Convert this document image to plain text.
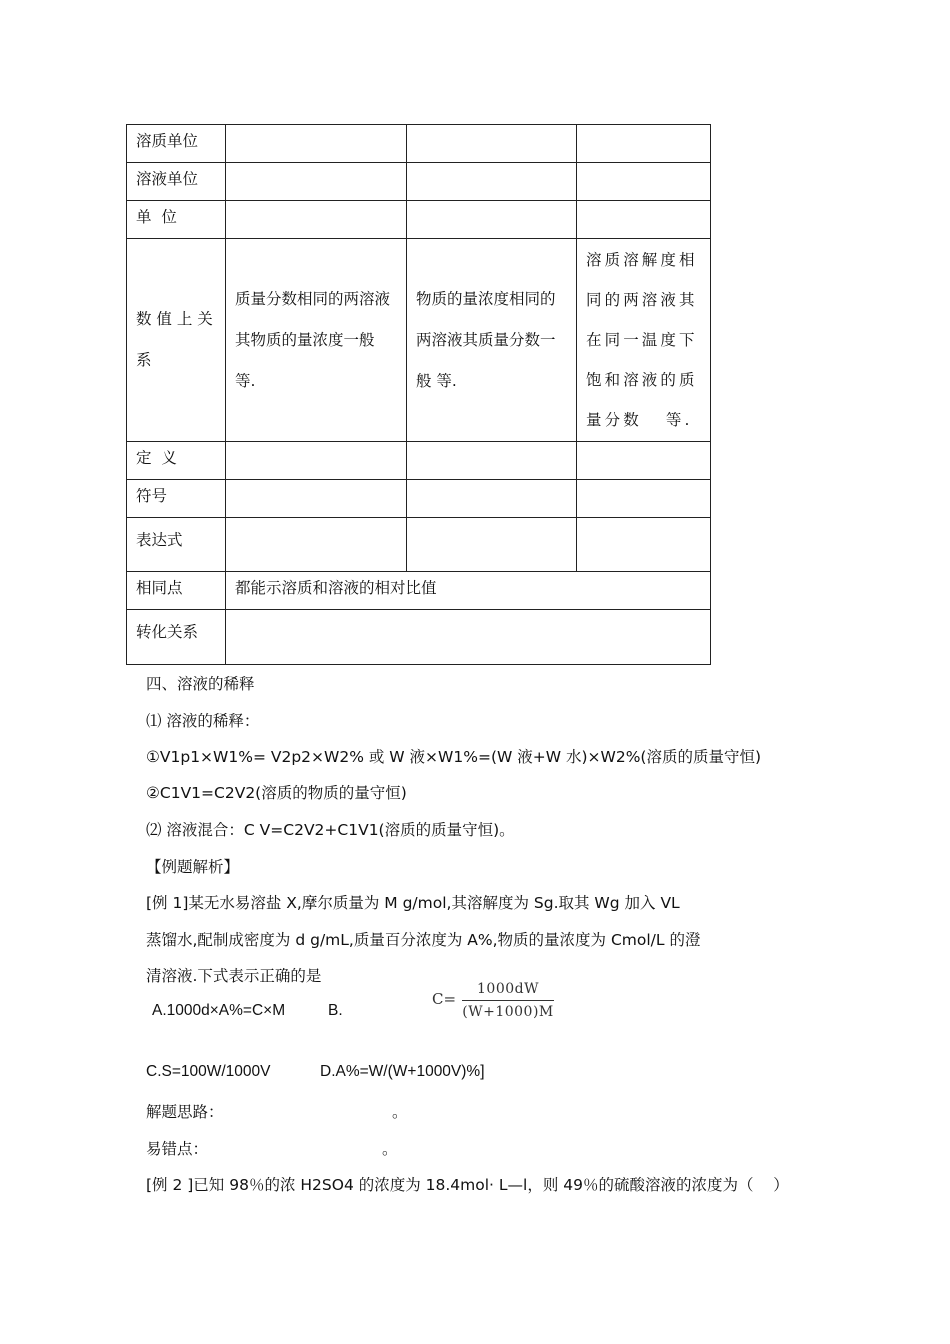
溶质单位			
溶液单位			
单  位			

数 值 上 关 系	质量分数相同的两溶液其物质的量浓度一般 等.	物质的量浓度相同的两溶液其质量分数一般 等.	溶质溶解度相同的两溶液其在同一温度下饱和溶液的质量分数   等.

定  义			
符号			
表达式			
相同点	都能示溶质和溶液的相对比值		
转化关系			
四、溶液的稀释
⑴ 溶液的稀释：
①V1p1×W1%= V2p2×W2% 或 W 液×W1%=(W 液+W 水)×W2%(溶质的质量守恒)
②C1V1=C2V2(溶质的物质的量守恒)
⑵ 溶液混合：C V=C2V2+C1V1(溶质的质量守恒)。
【例题解析】
[例 1]某无水易溶盐 X,摩尔质量为 M g/mol,其溶解度为 Sg.取其 Wg 加入 VL
蒸馏水,配制成密度为 d g/mL,质量百分浓度为 A%,物质的量浓度为 Cmol/L 的澄
清溶液.下式表示正确的是
A.1000d×A%=C×M	B.
C=
1000dW
(W+1000)M
C.S=100W/1000V	D.A%=W/(W+1000V)%]
解题思路：	。
易错点：	。
[例 2 ]已知 98％的浓 H2SO4 的浓度为 18.4mol· L—l，则 49％的硫酸溶液的浓度为（    ）
